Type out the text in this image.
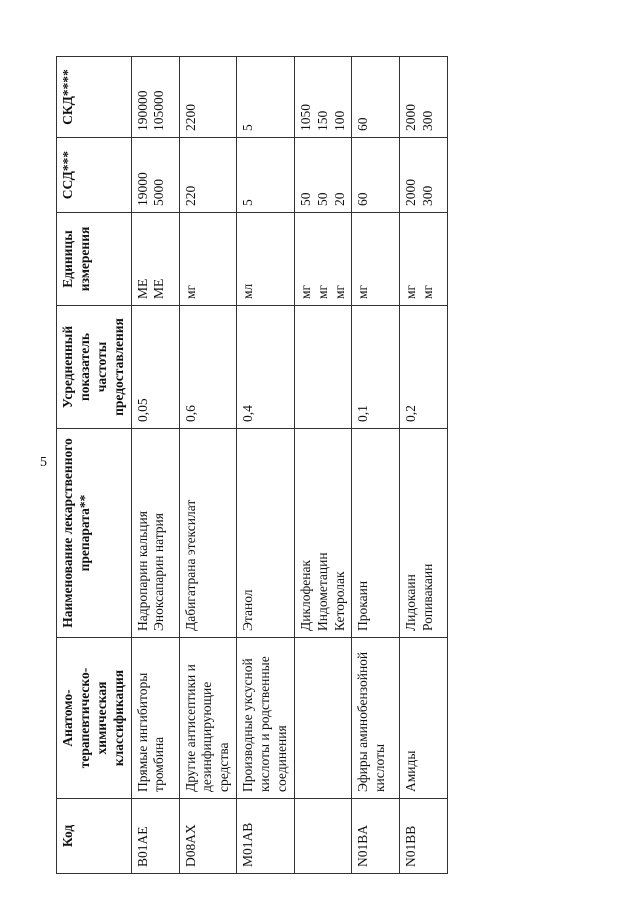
5
Код	Анатомо-терапевтическо-химическая классификация	Наименование лекарственного препарата**	Усредненный показатель частоты предоставления	Единицы измерения	ССД***	СКД****
B01AE	Прямые ингибиторы тромбина	Надропарин кальция Эноксапарин натрия	0,05	МЕ МЕ	19000 5000	190000 105000

D08AX	Другие антисептики и дезинфицирующие средства	Дабигатрана этексилат	0,6	мг	220	2200

M01AB	Производные уксусной кислоты и родственные соединения	Этанол	0,4	мл	5	5

		Диклофенак Индометацин Кеторолак		мг мг мг	50 50 20	1050 150 100

N01BA	Эфиры аминобензойной кислоты	Прокаин	0,1	мг	60	60

N01BB	Амиды	Лидокаин Ропивакаин	0,2	мг мг	2000 300	2000 300
